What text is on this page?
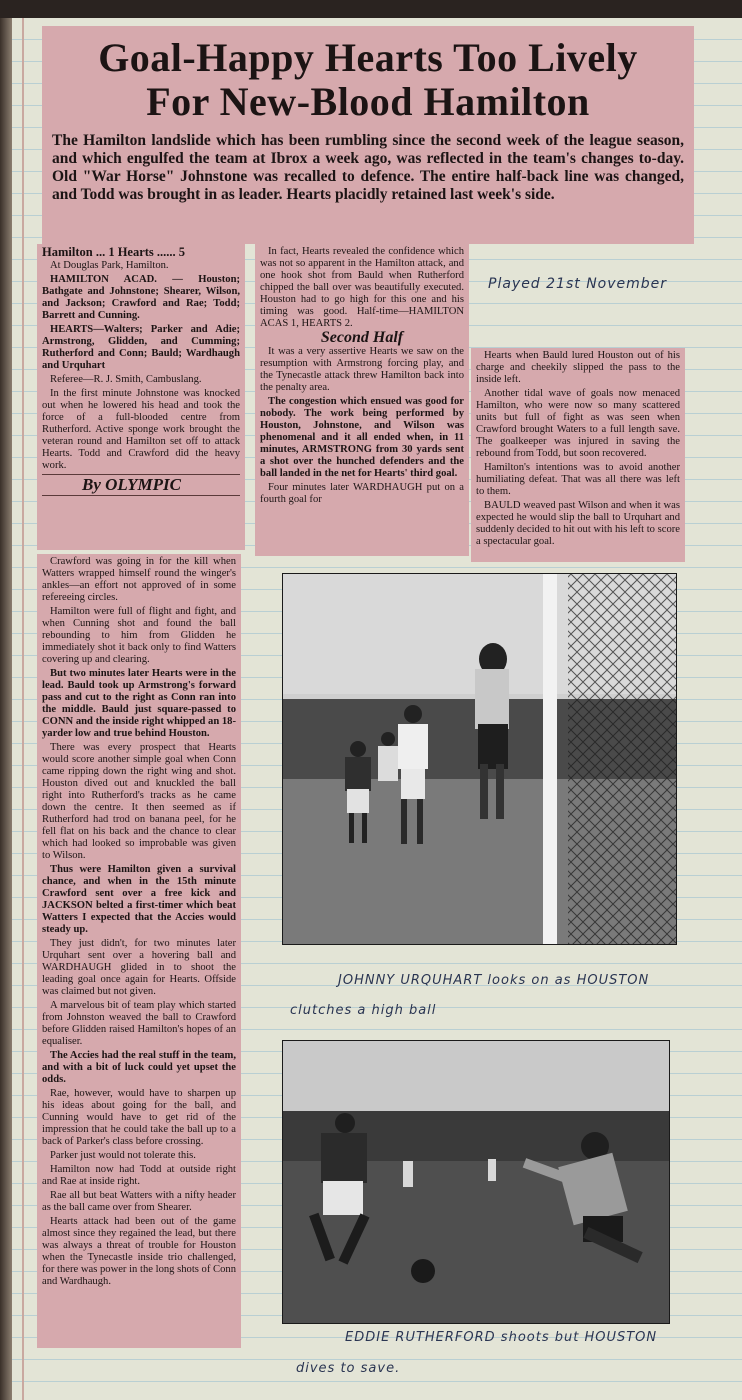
Goal-Happy Hearts Too Lively
For New-Blood Hamilton

The Hamilton landslide which has been rumbling since the second week of the league season, and which engulfed the team at Ibrox a week ago, was reflected in the team's changes to-day. Old "War Horse" Johnstone was recalled to defence. The entire half-back line was changed, and Todd was brought in as leader. Hearts placidly retained last week's side.

Hamilton ... 1 Hearts ...... 5

At Douglas Park, Hamilton.

HAMILTON ACAD. — Houston; Bathgate and Johnstone; Shearer, Wilson, and Jackson; Crawford and Rae; Todd; Barrett and Cunning.

HEARTS—Walters; Parker and Adie; Armstrong, Glidden, and Cumming; Rutherford and Conn; Bauld; Wardhaugh and Urquhart

Referee—R. J. Smith, Cambuslang.

In the first minute Johnstone was knocked out when he lowered his head and took the force of a full-blooded centre from Rutherford. Active sponge work brought the veteran round and Hamilton set off to attack Hearts. Todd and Crawford did the heavy work.

By OLYMPIC

In fact, Hearts revealed the confidence which was not so apparent in the Hamilton attack, and one hook shot from Bauld when Rutherford chipped the ball over was beautifully executed. Houston had to go high for this one and his timing was good. Half-time—HAMILTON ACAS 1, HEARTS 2.

Second Half

It was a very assertive Hearts we saw on the resumption with Armstrong forcing play, and the Tynecastle attack threw Hamilton back into the penalty area.

The congestion which ensued was good for nobody. The work being performed by Houston, Johnstone, and Wilson was phenomenal and it all ended when, in 11 minutes, ARMSTRONG from 30 yards sent a shot over the hunched defenders and the ball landed in the net for Hearts' third goal.

Four minutes later WARDHAUGH put on a fourth goal for

Played 21st November

Hearts when Bauld lured Houston out of his charge and cheekily slipped the pass to the inside left.

Another tidal wave of goals now menaced Hamilton, who were now so many scattered units but full of fight as was seen when Crawford brought Waters to a full length save. The goalkeeper was injured in saving the rebound from Todd, but soon recovered.

Hamilton's intentions was to avoid another humiliating defeat. That was all there was left to them.

BAULD weaved past Wilson and when it was expected he would slip the ball to Urquhart and suddenly decided to hit out with his left to score a spectacular goal.

Crawford was going in for the kill when Watters wrapped himself round the winger's ankles—an effort not approved of in some refereeing circles.

Hamilton were full of flight and fight, and when Cunning shot and found the ball rebounding to him from Glidden he immediately shot it back only to find Watters covering up and clearing.

But two minutes later Hearts were in the lead. Bauld took up Armstrong's forward pass and cut to the right as Conn ran into the middle. Bauld just square-passed to CONN and the inside right whipped an 18-yarder low and true behind Houston.

There was every prospect that Hearts would score another simple goal when Conn came ripping down the right wing and shot. Houston dived out and knuckled the ball right into Rutherford's tracks as he came down the centre. It then seemed as if Rutherford had trod on banana peel, for he fell flat on his back and the chance to clear which had looked so improbable was given to Wilson.

Thus were Hamilton given a survival chance, and when in the 15th minute Crawford sent over a free kick and JACKSON belted a first-timer which beat Watters I expected that the Accies would steady up.

They just didn't, for two minutes later Urquhart sent over a hovering ball and WARDHAUGH glided in to shoot the leading goal once again for Hearts. Offside was claimed but not given.

A marvelous bit of team play which started from Johnston weaved the ball to Crawford before Glidden raised Hamilton's hopes of an equaliser.

The Accies had the real stuff in the team, and with a bit of luck could yet upset the odds.

Rae, however, would have to sharpen up his ideas about going for the ball, and Cunning would have to get rid of the impression that he could take the ball up to a back of Parker's class before crossing.

Parker just would not tolerate this.

Hamilton now had Todd at outside right and Rae at inside right.

Rae all but beat Watters with a nifty header as the ball came over from Shearer.

Hearts attack had been out of the game almost since they regained the lead, but there was always a threat of trouble for Houston when the Tynecastle inside trio challenged, for there was power in the long shots of Conn and Wardhaugh.

JOHNNY URQUHART looks on as HOUSTON
clutches a high ball
EDDIE RUTHERFORD shoots but HOUSTON
dives to save.
